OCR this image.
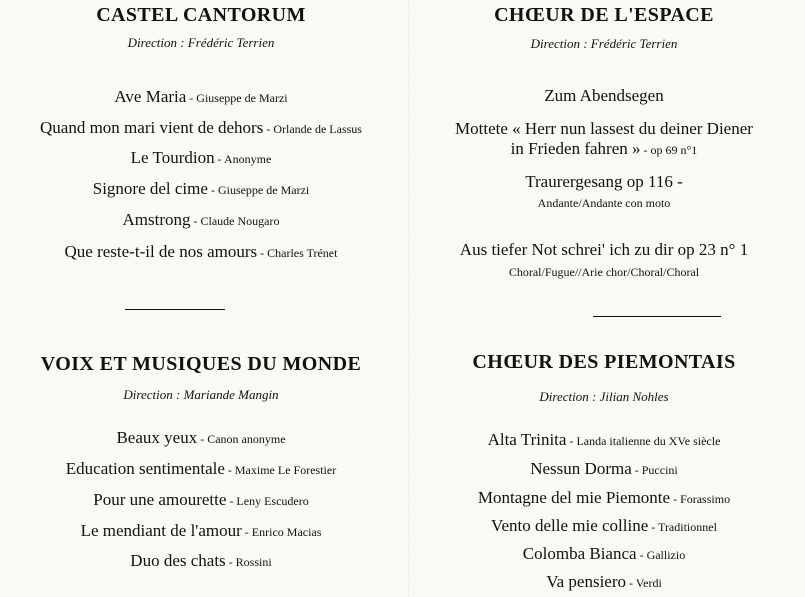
CASTEL CANTORUM
Direction : Frédéric Terrien
Ave Maria - Giuseppe de Marzi
Quand mon mari vient de dehors - Orlande de Lassus
Le Tourdion - Anonyme
Signore del cime - Giuseppe de Marzi
Amstrong - Claude Nougaro
Que reste-t-il de nos amours - Charles Trénet
VOIX ET MUSIQUES DU MONDE
Direction : Mariande Mangin
Beaux yeux - Canon anonyme
Education sentimentale - Maxime Le Forestier
Pour une amourette - Leny Escudero
Le mendiant de l'amour - Enrico Macias
Duo des chats - Rossini
CHŒUR DE L'ESPACE
Direction : Frédéric Terrien
Zum Abendsegen
Mottete « Herr nun lassest du deiner Diener
in Frieden fahren » - op 69 n°1
Traurergesang op 116 -
Andante/Andante con moto
Aus tiefer Not schrei' ich zu dir op 23 n° 1
Choral/Fugue//Arie chor/Choral/Choral
CHŒUR DES PIEMONTAIS
Direction : Jilian Nohles
Alta Trinita - Landa italienne du XVe siècle
Nessun Dorma - Puccini
Montagne del mie Piemonte - Forassimo
Vento delle mie colline - Traditionnel
Colomba Bianca - Gallizio
Va pensiero - Verdi
